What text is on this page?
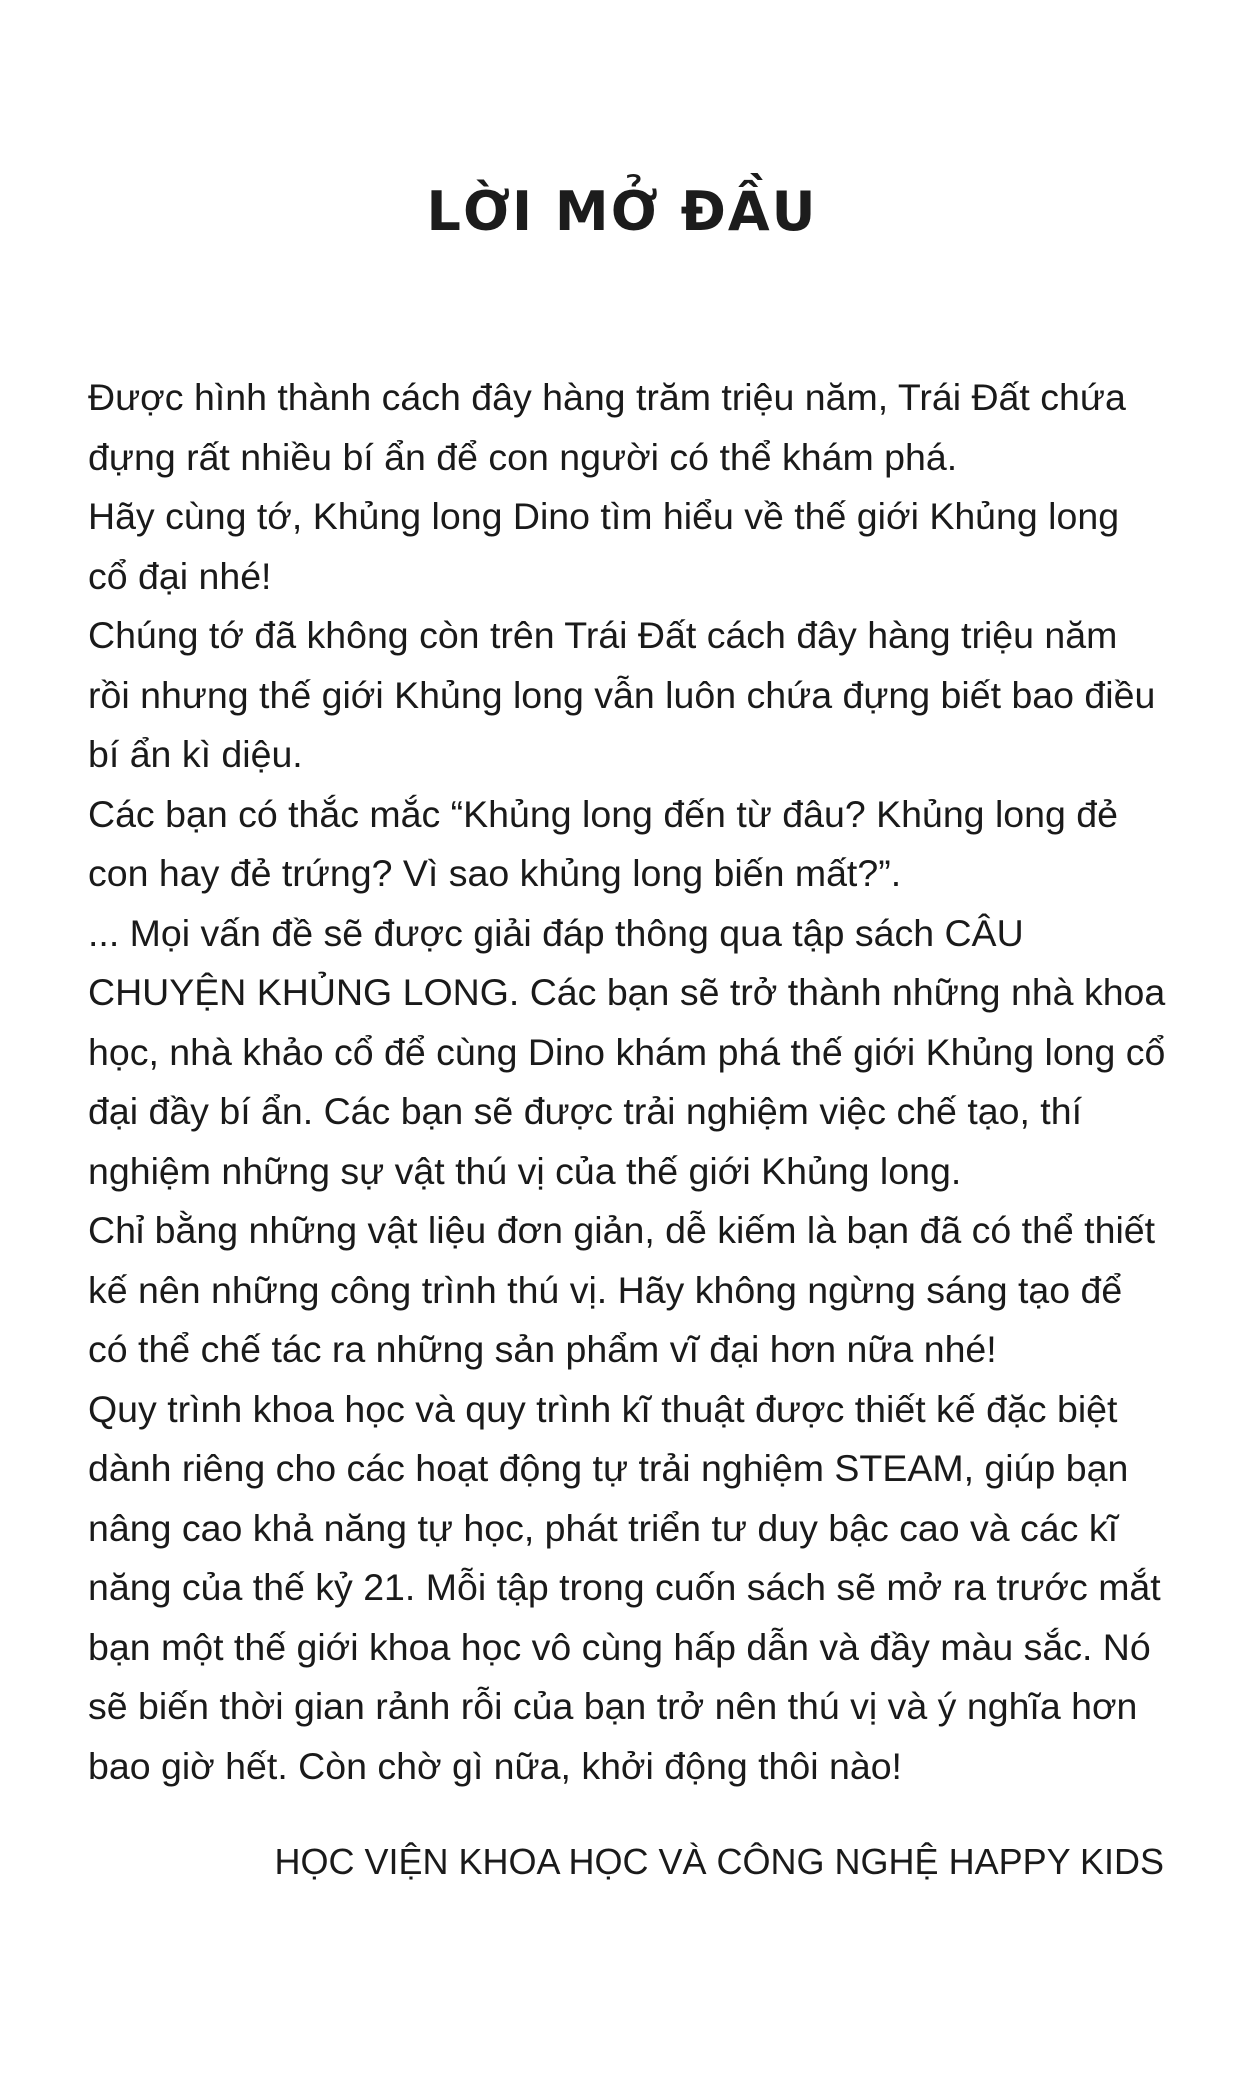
LỜI MỞ ĐẦU

Được hình thành cách đây hàng trăm triệu năm, Trái Đất chứa đựng rất nhiều bí ẩn để con người có thể khám phá.

Hãy cùng tớ, Khủng long Dino tìm hiểu về thế giới Khủng long cổ đại nhé!

Chúng tớ đã không còn trên Trái Đất cách đây hàng triệu năm rồi nhưng thế giới Khủng long vẫn luôn chứa đựng biết bao điều bí ẩn kì diệu.

Các bạn có thắc mắc “Khủng long đến từ đâu? Khủng long đẻ con hay đẻ trứng? Vì sao khủng long biến mất?”.

... Mọi vấn đề sẽ được giải đáp thông qua tập sách CÂU CHUYỆN KHỦNG LONG. Các bạn sẽ trở thành những nhà khoa học, nhà khảo cổ để cùng Dino khám phá thế giới Khủng long cổ đại đầy bí ẩn. Các bạn sẽ được trải nghiệm việc chế tạo, thí nghiệm những sự vật thú vị của thế giới Khủng long.

Chỉ bằng những vật liệu đơn giản, dễ kiếm là bạn đã có thể thiết kế nên những công trình thú vị. Hãy không ngừng sáng tạo để có thể chế tác ra những sản phẩm vĩ đại hơn nữa nhé!

Quy trình khoa học và quy trình kĩ thuật được thiết kế đặc biệt dành riêng cho các hoạt động tự trải nghiệm STEAM, giúp bạn nâng cao khả năng tự học, phát triển tư duy bậc cao và các kĩ năng của thế kỷ 21. Mỗi tập trong cuốn sách sẽ mở ra trước mắt bạn một thế giới khoa học vô cùng hấp dẫn và đầy màu sắc. Nó sẽ biến thời gian rảnh rỗi của bạn trở nên thú vị và ý nghĩa hơn bao giờ hết. Còn chờ gì nữa, khởi động thôi nào!

HỌC VIỆN KHOA HỌC VÀ CÔNG NGHỆ HAPPY KIDS
